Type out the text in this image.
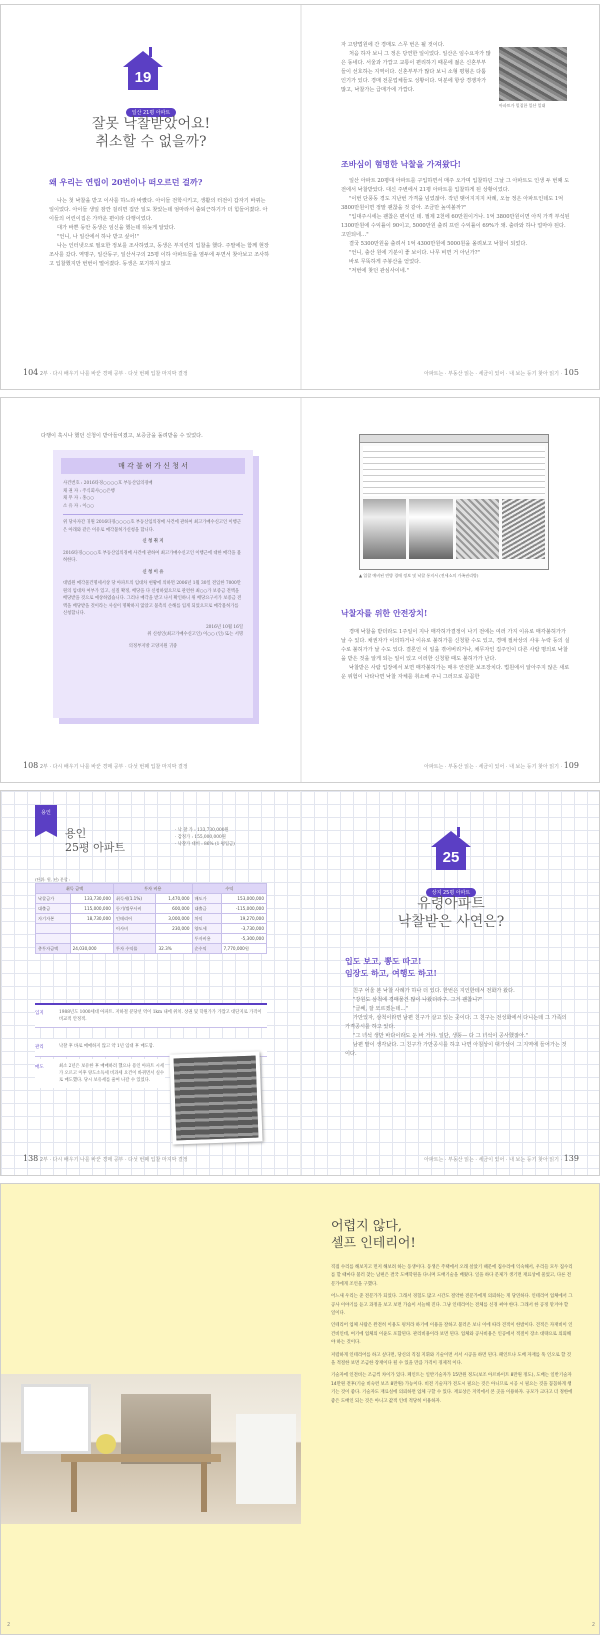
19
일산 21평 아파트
잘못 낙찰받았어요!
취소할 수 없을까?
왜 우리는 연립이 20번이나 떠오르던 걸까?

나는 첫 낙찰을 받고 이사를 하느라 바빴다. 아이들 전학시키고, 생활의 터전이 갑자기 바뀌는 일이었다. 아이들 생일 잠깐 걸리면 집안 일도 찾았는데 엄마라서 출퇴근하기가 더 힘들어졌다. 아이들의 어린이집은 가까운 편이라 다행이었다.

대가 바쁜 동안 동생은 임신을 했는데 뒤늦게 알았다.

"언니, 나 일산에서 하나 받고 싶어!"

나는 인터넷으로 필요한 정보를 조사하였고, 동생은 부지런히 입찰을 했다. 주말에는 함께 현장조사를 갔다. 역명구, 일산동구, 일산서구의 25평 이하 아파트들을 염두에 두면서 찾아보고 조사하고 입찰했지만 번번이 떨어졌다. 동생은 포기하지 않고

104 2부 · 다시 배우기 나를 바꾼 경매 공부 · 다섯 번째 입찰 마지막 결정

자 고양법원에 간 경매도 스무 번은 될 것이다.

처음 하자 보니 그 정은 당연한 일이었다. 일산은 임수요자가 많은 동네다. 서울과 가깝고 교통이 편리하기 때문에 젊은 신혼부부들이 선호하는 지역이다. 신혼부부가 많다 보니 소형 평형은 다툼 인기가 있다. 경매 전문업체들도 성황이다. 덕분에 항상 경쟁자가 많고, 낙찰가는 급매가에 가깝다.

아파트가 밀집한 일산 일대
조바심이 혐명한 낙찰을 가져왔다!

일산 아파트 20평대 아파트를 구입하면서 매주 오가며 입찰하던 그날 그 아파트도 인생 두 번째 도전에서 낙찰받았다. 대신 주변에서 21평 아파트를 입찰하게 된 상황이었다.

"이번 단풍동 경도 지난번 가격을 넘었잖아. 작년 맺어지지지 차례, 오늘 정은 아파트인데도 1억 3800만원이면 정말 괜찮을 것 같아. 조금만 높여볼까?"

"입대주시세는 괜찮은 편이던 데. 필제 2천에 60만원이거나. 1억 3800만원이면 아직 가격 부석된 1300만원에 수익률이 90이고, 5000만원 출려 프런 수익률이 69%가 돼. 출라와 하나 얼마야 된다. 고민되네…"

결국 5300만원을 출려서 1억 4300만원에 5000원을 올려보고 낙찰이 되었다.

"언니, 출산 원에 기분이 좋 보이다. 나무 비면 거 아닌가?"

바로 무뚝하게 주봉산을 얻었다.

"저번에 찾던 관심사이네."

아파트는 · 부동산 읽는 · 세금이 있어 · 내 보는 등기 찾아 읽기 · 105
다행이 혹시나 했던 신청이 받아들여졌고, 보증금을 돌려받을 수 있었다.
매 각 불 허 가 신 청 서
사건번호 : 2016타경○○○○호 부동산임의경매
채 권 자 : 주식회사○○은행
채 무 자 : 홍○○
소 유 자 : 이○○

위 당사자간 귀원 2016타경○○○○호 부동산임의경매 사건에 관하여 최고가매수신고인 이행근은 아래와 같은 이유로 매각불허가신청을 합니다.

신 청 취 지

2016타경○○○○호 부동산임의경매 사건에 관하여 최고가매수신고인 이행근에 대한 매각을 불허한다.

신 청 이 유

대법원 매각물건명세서상 당 아파트의 임대차 현황에 의하면 2006년 1월 30일 전입한 7000만원의 임대차 여부가 있고, 실질 확정, 배당을 다 신청하였으므로 관련한 최○○가 보증금 전액을 배당받을 것으로 예상하였습니다. 그러나 매각을 받고 나서 확인하니 위 배당요구서가 보증금 전액을 배당받을 것이라는 사실이 명확하지 않았고 불측의 손해를 입게 되었으므로 매각불허가를 신청합니다.

2016년 10월 16일
위 신청인(최고가매수신고인) 이○○ (인) 또는 서명
의정부지방 고양지원 귀중
108 2부 · 다시 배우기 나를 바꾼 경매 공부 · 다섯 번째 입찰 마지막 결정
▲ 입찰 예비된 빈방 경매 정보 및 낙찰 통지서 (전세소의 가족권리방)
낙찰자를 위한 안전장치!

경매 낙찰을 받더라도 1주일이 지나 매각허가결정이 나기 전에는 여러 가지 이유로 매각불허가가 날 수 있다. 채권자가 이의하거나 이유로 불허가를 신청할 수도 있고, 경매 절차상의 사유 누락 등의 실수로 불허가가 날 수도 있다. 결론인 이 일을 겪어버리거나, 채무자인 집주인이 다른 사람 명의로 낙찰을 받은 것을 알게 되는 일이 있고 이러한 신청할 때도 불허가가 난다.

낙찰받은 사람 입장에서 보면 매각불허가는 매우 안전한 보조장치다. 법원에서 알아주지 않은 새로운 위험이 나타나면 낙찰 자체를 취소해 주니 그러므로 꼼꼼한

아파트는 · 부동산 읽는 · 세금이 있어 · 내 보는 등기 찾아 읽기 · 109
용인
용인
25평 아파트
· 낙 찰 가 : 133,730,000원
· 감정가 : 155,000,000원
· 낙찰가 대비 : 86% (1 평입금)
(단위: 원, 년) 분할 :
취득 금액		투자 비용		수익	
낙찰금가	133,730,000	취득세(1.1%)	1,470,000	매도가	153,000,000
대출금	115,000,000	등기/법무사비	600,000	대출금	-115,000,000
자기자본	18,730,000	인테리어	3,000,000	차익	19,270,000
		이사비	230,000	양도세	-3,730,000
				투자비용	-5,300,000
총투자금액	24,030,000	투자 수익률	32.3%	순수익	7,770,000원
입지	1988년도 1000세대 아파트. 지하철 분당선 역이 1km 내에 위치. 상권 및 학원가가 가깝고 대단지로 가격이 비교적 안정적.
관리	낙찰 후 바로 매매하지 않고 약 1년 임대 후 매도함.
매도	최소 2년은 보유한 후 매매하려 했으나 용인 아파트 시세가 오르고 이후 양도소득세 비과세 요건이 바뀌면서 실수로 매도했다. 당시 보유세를 줄여 나갈 수 있었다.
138 2부 · 다시 배우기 나를 바꾼 경매 공부 · 다섯 번째 입찰 마지막 결정
25
상지 25평 아파트
유령아파트
낙찰받은 사연은?
입도 보고, 뽕도 따고!
임장도 하고, 여행도 하고!

친구 어울 본 낙찰 사례가 하나 더 있다. 한번은 지인한테서 전화가 왔다.

"강원도 삼척에 경매물건 많이 나왔더라구. 그거 괜찮니?"

"글쎄, 잘 모르겠는데…"

가만있자, 삼척이라면 남편 친구가 살고 있는 곳이다. 그 친구는 전성화에서 다니는데 그 가족의 가격공시를 하고 있다.

"그 녀석 생만 바다이라도 둔 바 거야. 일단, 생뚱— 다 그 녀석이 공사했잖아."

남편 말이 생각났다. 그 친구가 가만공시를 하고 나면 아침상이 대가상이 그 지역에 들어가는 것이다.

아파트는 · 부동산 읽는 · 세금이 있어 · 내 보는 등기 찾아 읽기 · 139
2
어렵지 않다,
셀프 인테리어!

직접 수리를 해보지고 먼저 해보려 하는 동생이다. 동생은 주택에서 오래 살았기 때문에 집수리에 익숙해서, 우리들 모두 집수리를 할 때마다 불러 찾는 남편은 결국 도배학원을 다니며 도배기술을 배웠다. 일을 하다 문제가 생기면 재료상에 물었고, 다른 전문가에게 조언을 구했다.

어느새 우리는 준 전문가가 되었다. 그래서 경험도 많고 시간도 절약한 전문가에게 의뢰하는 게 당연하다. 인테리어 업체에서 그 공사 이야기를 듣고 과정을 보고 보면 가슴이 서늘해 진다. 그냥 인테리어는 전체를 신경 써야 한다. 그래서 한 공정 맡겨야 할 일이다.

인테리어 업체 사람은 완전히 이용도 펑커라 하기에 이용을 잘하고 불러온 보니 이에 따라 견적이 한밤이다. 견적은 자재비이 인건비인데, 여기에 업체의 이윤도 포함된다. 관리비용이라 보면 된다. 업체와 공사비용은 인공에서 적절이 장소 대략으로 의뢰해야 하는 것이다.

저렴하게 인테리어를 하고 싶다면, 당신의 직접 지휘와 기술이면 서서 시공을 하면 된다. 패인트나 도배 자재를 뚝 인오로 할 것을 적절한 보면 조금한 장재이다 될 수 있을 만큼 가격이 경제적 이다.

기술자에 인전비는 조금씩 차이가 있다. 페인트는 일반기술자가 15만원 정도(보조 아르바이트 8만원 정도), 도배는 일반기술자 14만원 전후(기술 비숙련 보조 8만원) 가능이다. 비전 기술자가 전도시 필요는 것은 아니므로 시공 시 필요는 것을 꼼꼼하게 챙기는 것이 좋다. 기술자도 재료실에 의뢰하면 업체 구할 수 있다. 재료상은 지역에서 본 곳을 이용하자. 규모가 크다고 더 정한에 좋은 도배인 되는 것은 아니고 값적 인데 적당히 이용하자.

2
